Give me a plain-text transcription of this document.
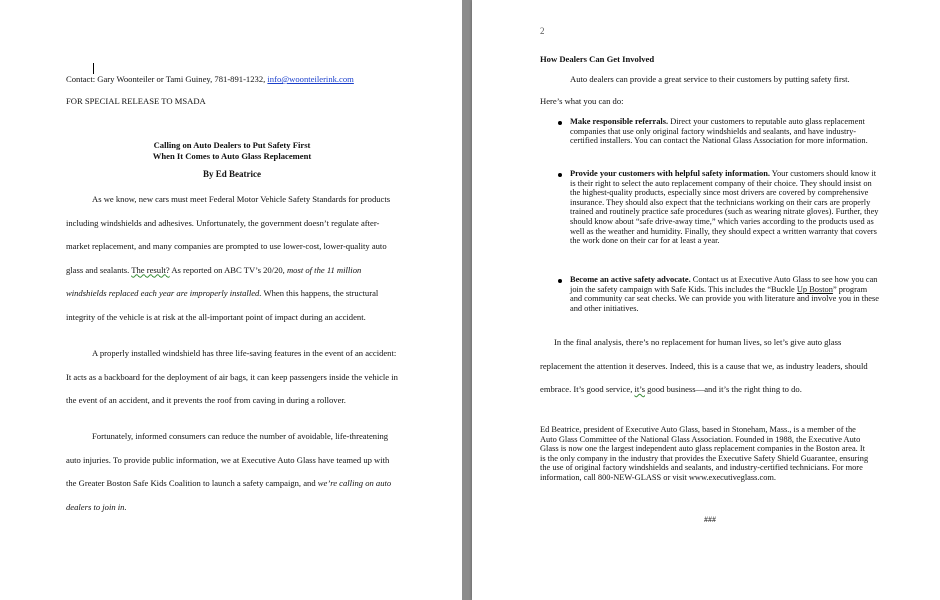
Contact: Gary Woonteiler or Tami Guiney, 781-891-1232, info@woonteilerink.com
FOR SPECIAL RELEASE TO MSADA
Calling on Auto Dealers to Put Safety First
When It Comes to Auto Glass Replacement
By Ed Beatrice
As we know, new cars must meet Federal Motor Vehicle Safety Standards for products including windshields and adhesives. Unfortunately, the government doesn’t regulate after-market replacement, and many companies are prompted to use lower-cost, lower-quality auto glass and sealants. The result? As reported on ABC TV’s 20/20, most of the 11 million windshields replaced each year are improperly installed. When this happens, the structural integrity of the vehicle is at risk at the all-important point of impact during an accident.
A properly installed windshield has three life-saving features in the event of an accident: It acts as a backboard for the deployment of air bags, it can keep passengers inside the vehicle in the event of an accident, and it prevents the roof from caving in during a rollover.
Fortunately, informed consumers can reduce the number of avoidable, life-threatening auto injuries. To provide public information, we at Executive Auto Glass have teamed up with the Greater Boston Safe Kids Coalition to launch a safety campaign, and we’re calling on auto dealers to join in.
2
How Dealers Can Get Involved
Auto dealers can provide a great service to their customers by putting safety first.
Here’s what you can do:
Make responsible referrals. Direct your customers to reputable auto glass replacement companies that use only original factory windshields and sealants, and have industry-certified installers. You can contact the National Glass Association for more information.
Provide your customers with helpful safety information. Your customers should know it is their right to select the auto replacement company of their choice. They should insist on the highest-quality products, especially since most drivers are covered by comprehensive insurance. They should also expect that the technicians working on their cars are properly trained and routinely practice safe procedures (such as wearing nitrate gloves). Further, they should know about “safe drive-away time,” which varies according to the products used as well as the weather and humidity. Finally, they should expect a written warranty that covers the work done on their car for at least a year.
Become an active safety advocate. Contact us at Executive Auto Glass to see how you can join the safety campaign with Safe Kids. This includes the “Buckle Up Boston” program and community car seat checks. We can provide you with literature and involve you in these and other initiatives.
In the final analysis, there’s no replacement for human lives, so let’s give auto glass replacement the attention it deserves. Indeed, this is a cause that we, as industry leaders, should embrace. It’s good service, it’s good business—and it’s the right thing to do.
Ed Beatrice, president of Executive Auto Glass, based in Stoneham, Mass., is a member of the Auto Glass Committee of the National Glass Association. Founded in 1988, the Executive Auto Glass is now one the largest independent auto glass replacement companies in the Boston area. It is the only company in the industry that provides the Executive Safety Shield Guarantee, ensuring the use of original factory windshields and sealants, and industry-certified technicians. For more information, call 800-NEW-GLASS or visit www.executiveglass.com.
###
